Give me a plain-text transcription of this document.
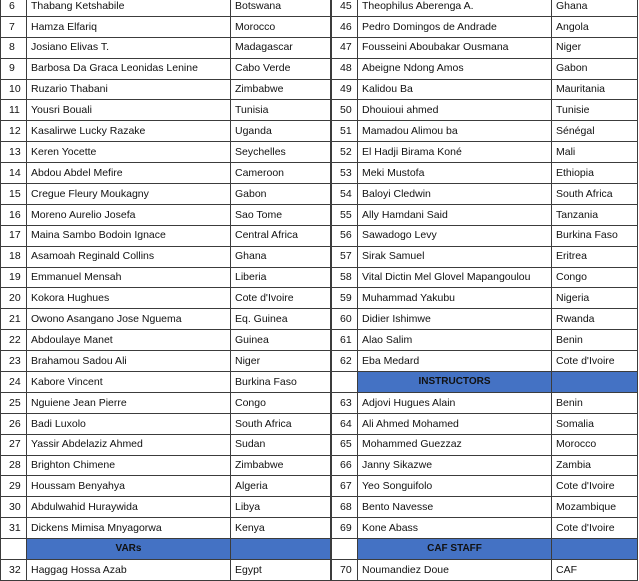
6	Thabang Ketshabile	Botswana
7	Hamza Elfariq	Morocco
8	Josiano Elivas T.	Madagascar
9	Barbosa Da Graca Leonidas Lenine	Cabo Verde
10	Ruzario Thabani	Zimbabwe
11	Yousri Bouali	Tunisia
12	Kasalirwe Lucky Razake	Uganda
13	Keren Yocette	Seychelles
14	Abdou Abdel Mefire	Cameroon
15	Cregue Fleury Moukagny	Gabon
16	Moreno Aurelio Josefa	Sao Tome
17	Maina Sambo Bodoin Ignace	Central Africa
18	Asamoah Reginald Collins	Ghana
19	Emmanuel Mensah	Liberia
20	Kokora Hughues	Cote d'Ivoire
21	Owono Asangano Jose Nguema	Eq. Guinea
22	Abdoulaye Manet	Guinea
23	Brahamou Sadou Ali	Niger
24	Kabore Vincent	Burkina Faso
25	Nguiene Jean Pierre	Congo
26	Badi Luxolo	South Africa
27	Yassir Abdelaziz Ahmed	Sudan
28	Brighton Chimene	Zimbabwe
29	Houssam Benyahya	Algeria
30	Abdulwahid Huraywida	Libya
31	Dickens Mimisa Mnyagorwa	Kenya
	VARs	
32	Haggag Hossa Azab	Egypt
45	Theophilus Aberenga A.	Ghana
46	Pedro Domingos de Andrade	Angola
47	Fousseini Aboubakar Ousmana	Niger
48	Abeigne Ndong Amos	Gabon
49	Kalidou Ba	Mauritania
50	Dhouioui ahmed	Tunisie
51	Mamadou Alimou ba	Sénégal
52	El Hadji Birama Koné	Mali
53	Meki Mustofa	Ethiopia
54	Baloyi Cledwin	South Africa
55	Ally Hamdani Said	Tanzania
56	Sawadogo Levy	Burkina Faso
57	Sirak Samuel	Eritrea
58	Vital Dictin Mel Glovel Mapangoulou	Congo
59	Muhammad Yakubu	Nigeria
60	Didier Ishimwe	Rwanda
61	Alao Salim	Benin
62	Eba Medard	Cote d'Ivoire
	INSTRUCTORS	
63	Adjovi Hugues Alain	Benin
64	Ali Ahmed Mohamed	Somalia
65	Mohammed Guezzaz	Morocco
66	Janny Sikazwe	Zambia
67	Yeo Songuifolo	Cote d'Ivoire
68	Bento Navesse	Mozambique
69	Kone Abass	Cote d'Ivoire
	CAF STAFF	
70	Noumandiez Doue	CAF
